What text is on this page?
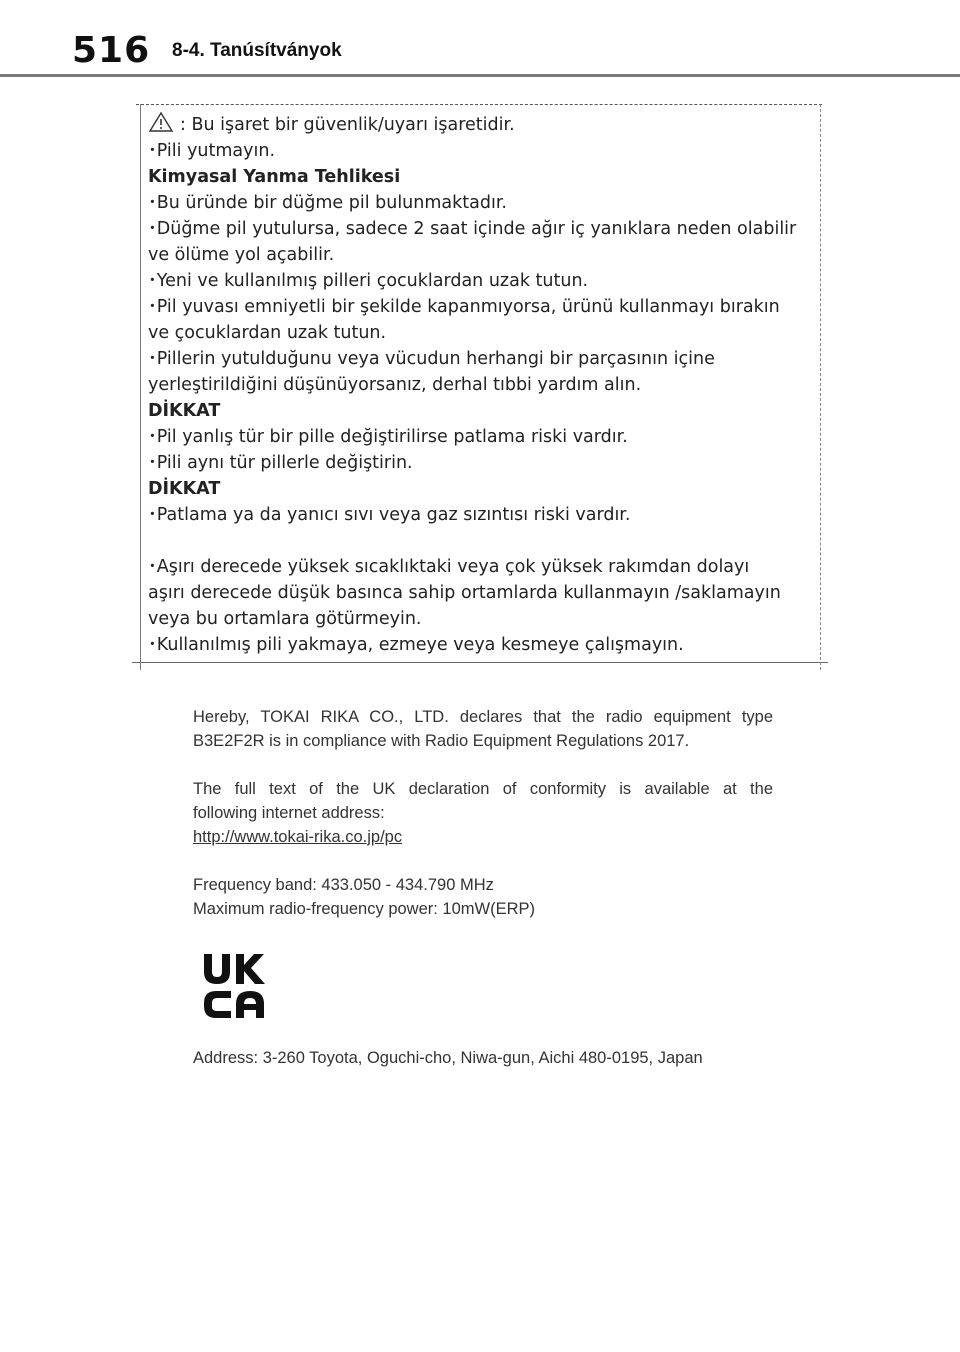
516 8-4. Tanúsítványok

: Bu işaret bir güvenlik/uyarı işaretidir.

･Pili yutmayın.

Kimyasal Yanma Tehlikesi

･Bu üründe bir düğme pil bulunmaktadır.

･Düğme pil yutulursa, sadece 2 saat içinde ağır iç yanıklara neden olabilir

ve ölüme yol açabilir.

･Yeni ve kullanılmış pilleri çocuklardan uzak tutun.

･Pil yuvası emniyetli bir şekilde kapanmıyorsa, ürünü kullanmayı bırakın

ve çocuklardan uzak tutun.

･Pillerin yutulduğunu veya vücudun herhangi bir parçasının içine

yerleştirildiğini düşünüyorsanız, derhal tıbbi yardım alın.

DİKKAT

･Pil yanlış tür bir pille değiştirilirse patlama riski vardır.

･Pili aynı tür pillerle değiştirin.

DİKKAT

･Patlama ya da yanıcı sıvı veya gaz sızıntısı riski vardır.

･Aşırı derecede yüksek sıcaklıktaki veya çok yüksek rakımdan dolayı

aşırı derecede düşük basınca sahip ortamlarda kullanmayın /saklamayın

veya bu ortamlara götürmeyin.

･Kullanılmış pili yakmaya, ezmeye veya kesmeye çalışmayın.

Hereby, TOKAI RIKA CO., LTD. declares that the radio equipment type

B3E2F2R is in compliance with Radio Equipment Regulations 2017.

The full text of the UK declaration of conformity is available at the

following internet address:

http://www.tokai-rika.co.jp/pc

Frequency band: 433.050 - 434.790 MHz

Maximum radio-frequency power: 10mW(ERP)

Address: 3-260 Toyota, Oguchi-cho, Niwa-gun, Aichi 480-0195, Japan
